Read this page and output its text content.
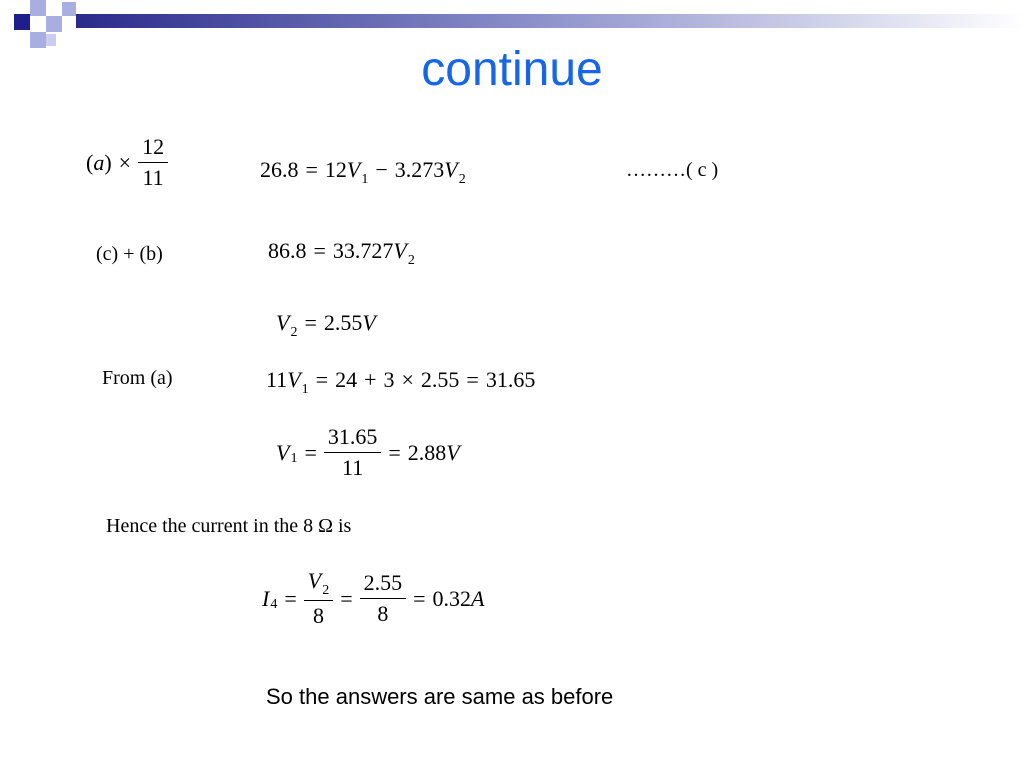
continue
( a ) × $\frac{12}{11}$	$26.8 = 12V_1 - 3.273V_2$	………( c )
(c) + (b)	$86.8 = 33.727V_2$
$V_2 = 2.55V$
From (a)	$11V_1 = 24 + 3 \times 2.55 = 31.65$
V $1 = \frac{31.65}{11} = 2.88$ V
Hence the current in the 8 Ω is
I $4 = \frac{V_2}{8} = \frac{2.55}{8} = 0.32$ A
So the answers are same as before
